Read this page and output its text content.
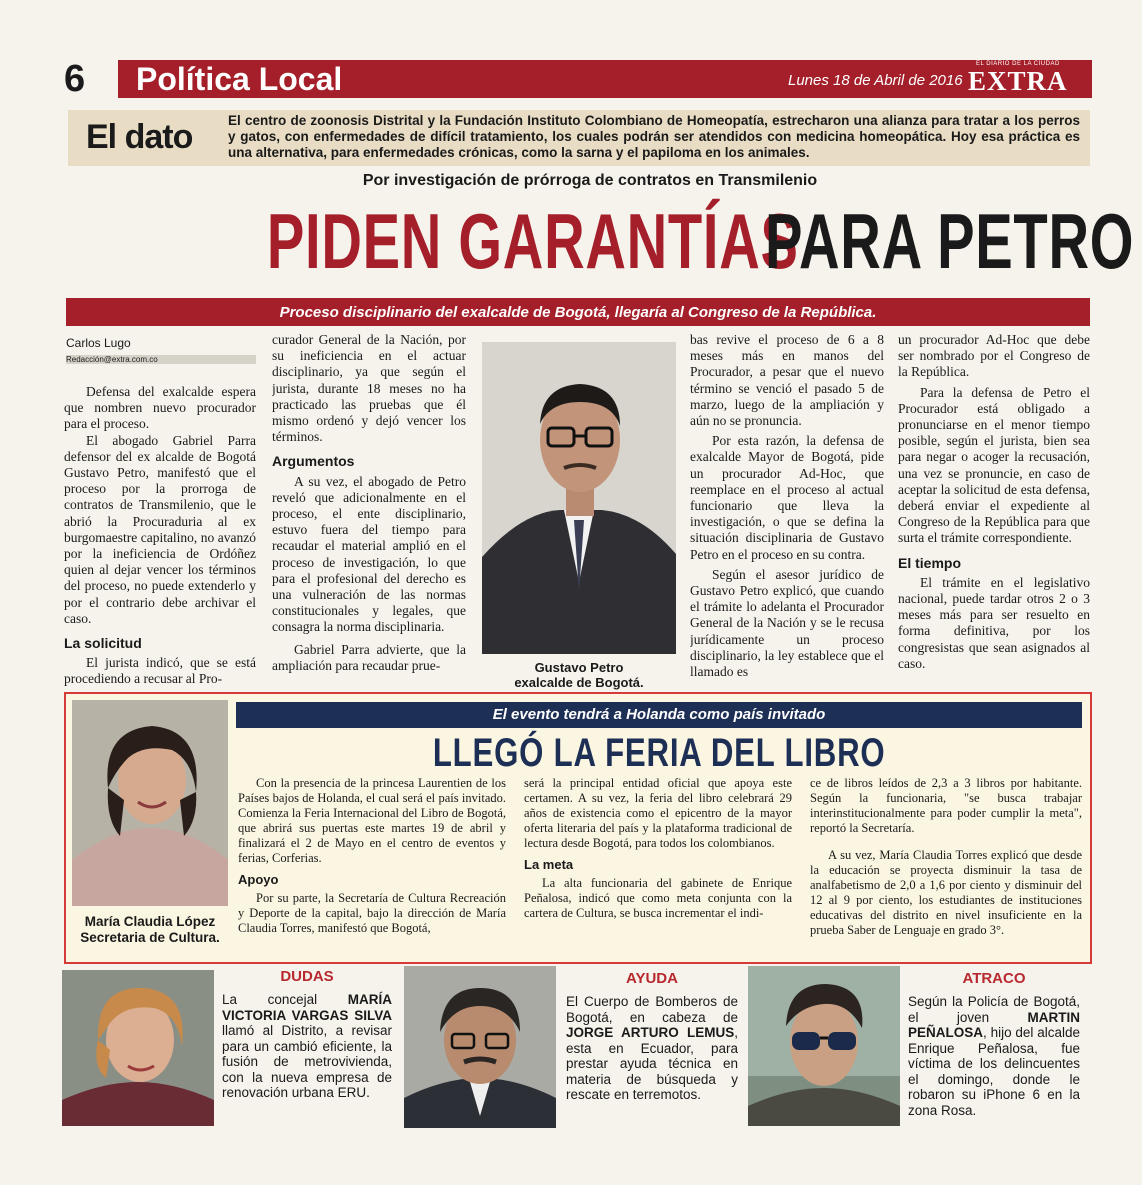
6 Política Local	Lunes 18 de Abril de 2016
EL DIARIO DE LA CIUDAD
EXTRA
El dato	El centro de zoonosis Distrital y la Fundación Instituto Colombiano de Homeopatía, estrecharon una alianza para tratar a los perros y gatos, con enfermedades de difícil tratamiento, los cuales podrán ser atendidos con medicina homeopática. Hoy esa práctica es una alternativa, para enfermedades crónicas, como la sarna y el papiloma en los animales.
Por investigación de prórroga de contratos en Transmilenio
PIDEN GARANTÍAS PARA PETRO
Proceso disciplinario del exalcalde de Bogotá, llegaría al Congreso de la República.
Carlos Lugo
Redacción@extra.com.co

Defensa del exalcalde espera que nombren nuevo procurador para el proceso.

El abogado Gabriel Parra defensor del ex alcalde de Bogotá Gustavo Petro, manifestó que el proceso por la prorroga de contratos de Transmilenio, que le abrió la Procuraduria al ex burgomaestre capitalino, no avanzó por la ineficiencia de Ordóñez quien al dejar vencer los términos del proceso, no puede extenderlo y por el contrario debe archivar el caso.

La solicitud

El jurista indicó, que se está procediendo a recusar al Pro-

curador General de la Nación, por su ineficiencia en el actuar disciplinario, ya que según el jurista, durante 18 meses no ha practicado las pruebas que él mismo ordenó y dejó vencer los términos.

Argumentos

A su vez, el abogado de Petro reveló que adicionalmente en el proceso, el ente disciplinario, estuvo fuera del tiempo para recaudar el material amplió en el proceso de investigación, lo que para el profesional del derecho es una vulneración de las normas constitucionales y legales, que consagra la norma disciplinaria.

Gabriel Parra advierte, que la ampliación para recaudar prue-	Gustavo Petro
exalcalde de Bogotá.

bas revive el proceso de 6 a 8 meses más en manos del Procurador, a pesar que el nuevo término se venció el pasado 5 de marzo, luego de la ampliación y aún no se pronuncia.

Por esta razón, la defensa de exalcalde Mayor de Bogotá, pide un procurador Ad-Hoc, que reemplace en el proceso al actual funcionario que lleva la investigación, o que se defina la situación disciplinaria de Gustavo Petro en el proceso en su contra.

Según el asesor jurídico de Gustavo Petro explicó, que cuando el trámite lo adelanta el Procurador General de la Nación y se le recusa jurídicamente un proceso disciplinario, la ley establece que el llamado es

un procurador Ad-Hoc que debe ser nombrado por el Congreso de la República.

Para la defensa de Petro el Procurador está obligado a pronunciarse en el menor tiempo posible, según el jurista, bien sea para negar o acoger la recusación, una vez se pronuncie, en caso de aceptar la solicitud de esta defensa, deberá enviar el expediente al Congreso de la República para que surta el trámite correspondiente.

El tiempo

El trámite en el legislativo nacional, puede tardar otros 2 o 3 meses más para ser resuelto en forma definitiva, por los congresistas que sean asignados al caso.

María Claudia López
Secretaria de Cultura.
El evento tendrá a Holanda como país invitado
LLEGÓ LA FERIA DEL LIBRO

Con la presencia de la princesa Laurentien de los Países bajos de Holanda, el cual será el país invitado. Comienza la Feria Internacional del Libro de Bogotá, que abrirá sus puertas este martes 19 de abril y finalizará el 2 de Mayo en el centro de eventos y ferias, Corferias.

Apoyo

Por su parte, la Secretaría de Cultura Recreación y Deporte de la capital, bajo la dirección de María Claudia Torres, manifestó que Bogotá,

será la principal entidad oficial que apoya este certamen. A su vez, la feria del libro celebrará 29 años de existencia como el epicentro de la mayor oferta literaria del país y la plataforma tradicional de lectura desde Bogotá, para todos los colombianos.

La meta

La alta funcionaria del gabinete de Enrique Peñalosa, indicó que como meta conjunta con la cartera de Cultura, se busca incrementar el indi-

ce de libros leídos de 2,3 a 3 libros por habitante. Según la funcionaria, "se busca trabajar interinstitucionalmente para poder cumplir la meta", reportó la Secretaría.

A su vez, María Claudia Torres explicó que desde la educación se proyecta disminuir la tasa de analfabetismo de 2,0 a 1,6 por ciento y disminuir del 12 al 9 por ciento, los estudiantes de instituciones educativas del distrito en nivel insuficiente en la prueba Saber de Lenguaje en grado 3°.

DUDAS
La concejal MARÍA VICTORIA VARGAS SILVA llamó al Distrito, a revisar para un cambió eficiente, la fusión de metrovivienda, con la nueva empresa de renovación urbana ERU.
AYUDA
El Cuerpo de Bomberos de Bogotá, en cabeza de JORGE ARTURO LEMUS, esta en Ecuador, para prestar ayuda técnica en materia de búsqueda y rescate en terremotos.
ATRACO
Según la Policía de Bogotá, el joven MARTIN PEÑALOSA, hijo del alcalde Enrique Peñalosa, fue víctima de los delincuentes el domingo, donde le robaron su iPhone 6 en la zona Rosa.
